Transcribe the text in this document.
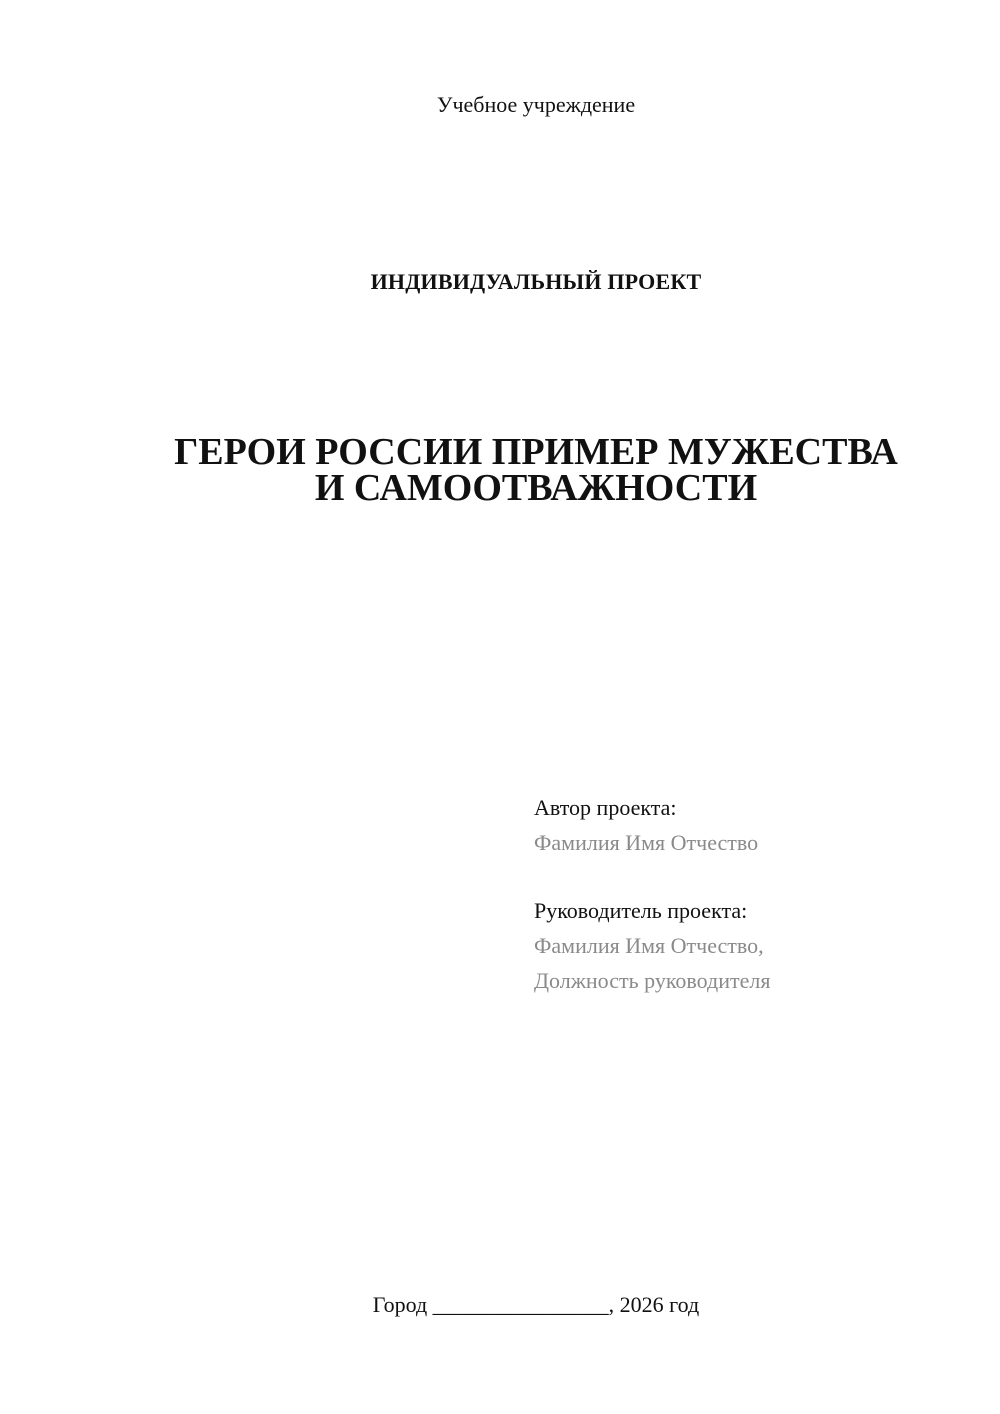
Учебное учреждение
ИНДИВИДУАЛЬНЫЙ ПРОЕКТ
ГЕРОИ РОССИИ ПРИМЕР МУЖЕСТВА
И САМООТВАЖНОСТИ
Автор проекта:
Фамилия Имя Отчество
Руководитель проекта:
Фамилия Имя Отчество,
Должность руководителя
Город ________________, 2026 год
